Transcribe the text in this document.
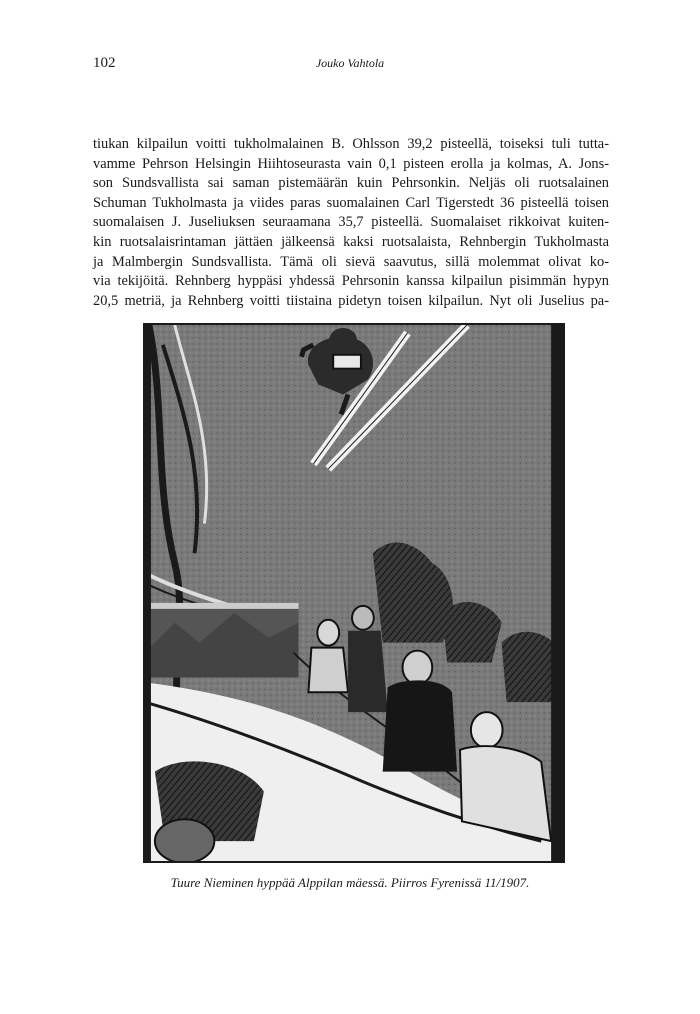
102	Jouko Vahtola

tiukan kilpailun voitti tukholmalainen B. Ohlsson 39,2 pisteellä, toiseksi tuli tutta-
vamme Pehrson Helsingin Hiihtoseurasta vain 0,1 pisteen erolla ja kolmas, A. Jons-
son Sundsvallista sai saman pistemäärän kuin Pehrsonkin. Neljäs oli ruotsalainen
Schuman Tukholmasta ja viides paras suomalainen Carl Tigerstedt 36 pisteellä toisen
suomalaisen J. Juseliuksen seuraamana 35,7 pisteellä. Suomalaiset rikkoivat kuiten-
kin ruotsalaisrintaman jättäen jälkeensä kaksi ruotsalaista, Rehnbergin Tukholmasta
ja Malmbergin Sundsvallista. Tämä oli sievä saavutus, sillä molemmat olivat ko-
via tekijöitä. Rehnberg hyppäsi yhdessä Pehrsonin kanssa kilpailun pisimmän hypyn
20,5 metriä, ja Rehnberg voitti tiistaina pidetyn toisen kilpailun. Nyt oli Juselius pa-

Tuure Nieminen hyppää Alppilan mäessä. Piirros Fyrenissä 11/1907.
